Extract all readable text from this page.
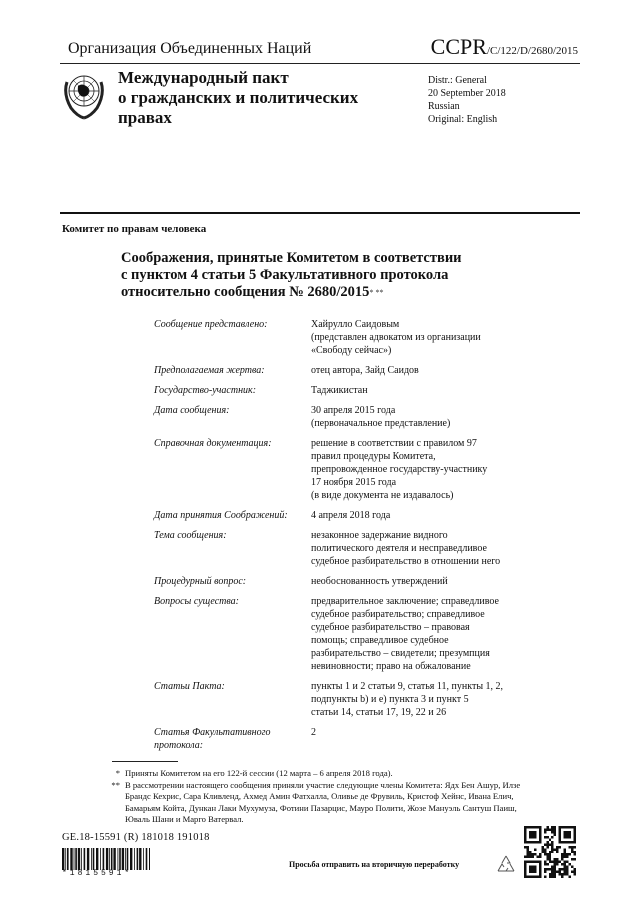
Организация Объединенных Наций	CCPR/C/122/D/2680/2015
Международный пакт
о гражданских и политических
правах
Distr.: General
20 September 2018
Russian
Original: English
Комитет по правам человека
Соображения, принятые Комитетом в соответствии
с пунктом 4 статьи 5 Факультативного протокола
относительно сообщения № 2680/2015* **
Сообщение представлено:	Хайрулло Саидовым
(представлен адвокатом из организации
«Свободу сейчас»)
Предполагаемая жертва:	отец автора, Зайд Саидов
Государство-участник:	Таджикистан
Дата сообщения:	30 апреля 2015 года
(первоначальное представление)
Справочная документация:	решение в соответствии с правилом 97
правил процедуры Комитета,
препровожденное государству-участнику
17 ноября 2015 года
(в виде документа не издавалось)
Дата принятия Соображений:	4 апреля 2018 года
Тема сообщения:	незаконное задержание видного
политического деятеля и несправедливое
судебное разбирательство в отношении него
Процедурный вопрос:	необоснованность утверждений
Вопросы существа:	предварительное заключение; справедливое
судебное разбирательство; справедливое
судебное разбирательство – правовая
помощь; справедливое судебное
разбирательство – свидетели; презумпция
невиновности; право на обжалование
Статьи Пакта:	пункты 1 и 2 статьи 9, статья 11, пункты 1, 2,
подпункты b) и e) пункта 3 и пункт 5
статьи 14, статьи 17, 19, 22 и 26
Статья Факультативного протокола:
2
* Приняты Комитетом на его 122-й сессии (12 марта – 6 апреля 2018 года).
** В рассмотрении настоящего сообщения приняли участие следующие члены Комитета: Ядх Бен Ашур, Илзе Брандс Кехрис, Сара Кливленд, Ахмед Амин Фатхалла, Оливье де Фрувиль, Кристоф Хейнс, Ивана Елич, Бамарьям Койта, Дункан Лаки Мухумуза, Фотини Пазарцис, Мауро Полити, Жозе Мануэль Сантуш Паиш, Юваль Шани и Марго Ватервал.
GE.18-15591 (R) 181018 191018
*1815591*
Просьба отправить на вторичную переработку
